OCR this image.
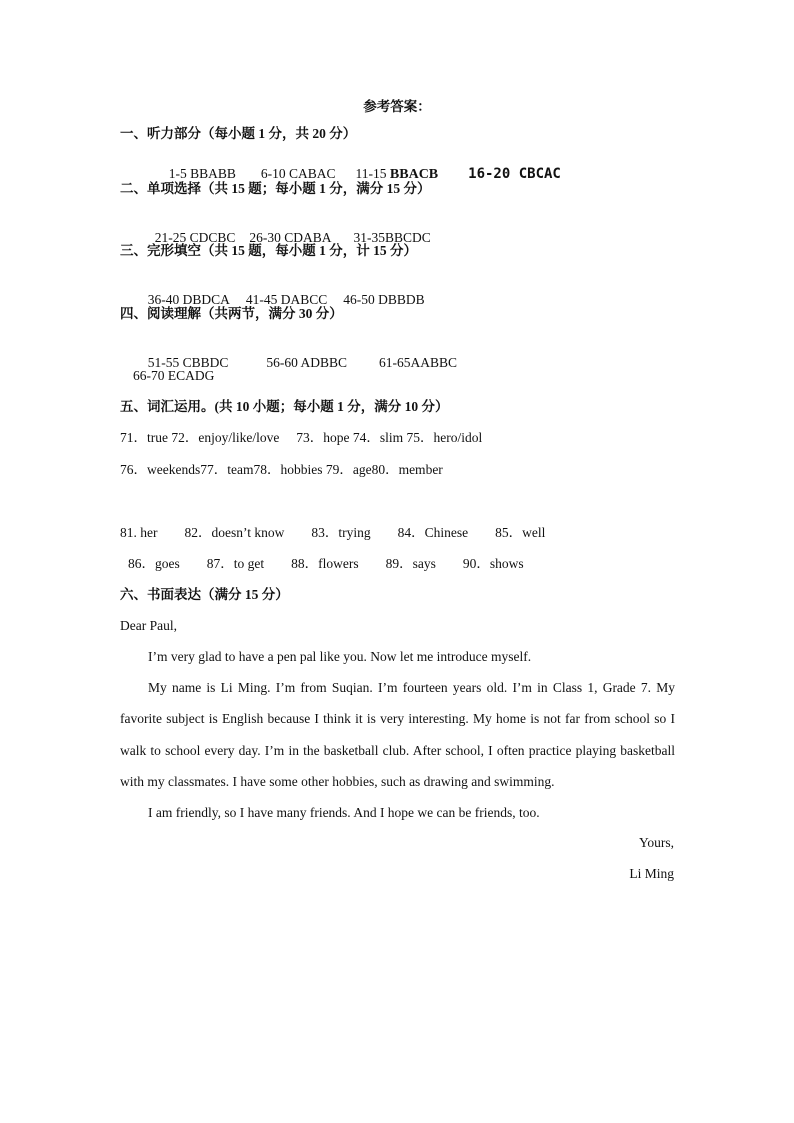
参考答案：
一、听力部分（每小题 1 分，共 20 分）

1-5 BBABB 6-10 CABAC 11-15 BBACB 16-20 CBCAC

二、单项选择（共 15 题；每小题 1 分，满分 15 分）

21-25 CDCBC 26-30 CDABA 31-35BBCDC

三、完形填空（共 15 题，每小题 1 分，计 15 分）

36-40 DBDCA 41-45 DABCC 46-50 DBBDB

四、阅读理解（共两节，满分 30 分）

51-55 CBBDC	56-60 ADBBC 61-65AABBC

66-70 ECADG
五、词汇运用。(共 10 小题；每小题 1 分，满分 10 分）
71．true 72．enjoy/like/love     73．hope 74．slim 75．hero/idol
76．weekends77．team78．hobbies 79．age80．member
81. her        82．doesn’t know        83．trying        84．Chinese        85．well
86．goes        87．to get        88．flowers        89．says        90．shows
六、书面表达（满分 15 分）
Dear Paul,
I’m very glad to have a pen pal like you. Now let me introduce myself.
My name is Li Ming. I’m from Suqian. I’m fourteen years old. I’m in Class 1, Grade 7. My favorite subject is English because I think it is very interesting. My home is not far from school so I walk to school every day. I’m in the basketball club. After school, I often practice playing basketball with my classmates. I have some other hobbies, such as drawing and swimming.
I am friendly, so I have many friends. And I hope we can be friends, too.
Yours,
Li Ming
